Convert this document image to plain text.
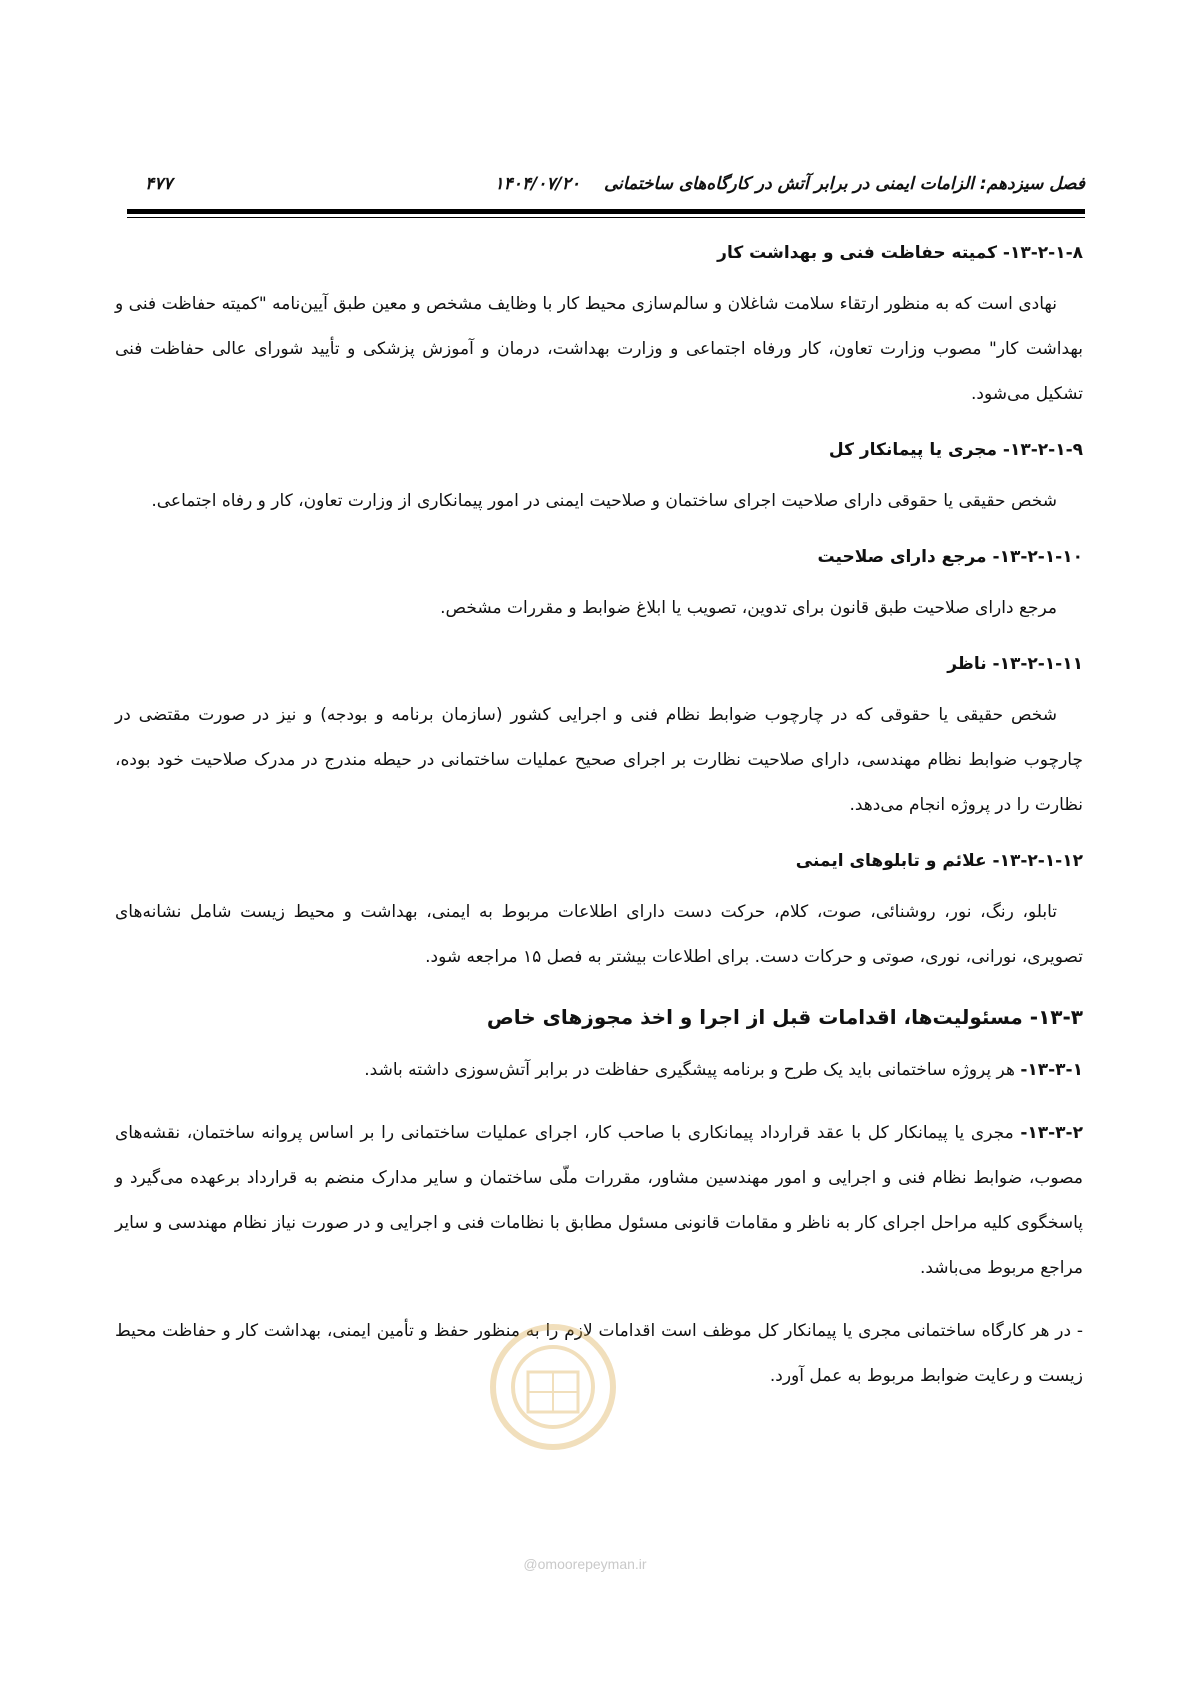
فصل سیزدهم: الزامات ایمنی در برابر آتش در کارگاه‌های ساختمانی
۱۴۰۴/۰۷/۲۰
۴۷۷
۱۳-۲-۱-۸- کمیته حفاظت فنی و بهداشت کار

نهادی است که به منظور ارتقاء سلامت شاغلان و سالم‌سازی محیط کار با وظایف مشخص و معین طبق آیین‌نامه "کمیته حفاظت فنی و بهداشت کار" مصوب وزارت تعاون، کار ورفاه اجتماعی و وزارت بهداشت، درمان و آموزش پزشکی و تأیید شورای عالی حفاظت فنی تشکیل می‌شود.

۱۳-۲-۱-۹- مجری یا پیمانکار کل

شخص حقیقی یا حقوقی دارای صلاحیت اجرای ساختمان و صلاحیت ایمنی در امور پیمانکاری از وزارت تعاون، کار و رفاه اجتماعی.

۱۳-۲-۱-۱۰- مرجع دارای صلاحیت

مرجع دارای صلاحیت طبق قانون برای تدوین، تصویب یا ابلاغ ضوابط و مقررات مشخص.

۱۳-۲-۱-۱۱- ناظر

شخص حقیقی یا حقوقی که در چارچوب ضوابط نظام فنی و اجرایی کشور (سازمان برنامه و بودجه) و نیز در صورت مقتضی در چارچوب ضوابط نظام مهندسی، دارای صلاحیت نظارت بر اجرای صحیح عملیات ساختمانی در حیطه مندرج در مدرک صلاحیت خود بوده، نظارت را در پروژه انجام می‌دهد.

۱۳-۲-۱-۱۲- علائم و تابلوهای ایمنی

تابلو، رنگ، نور، روشنائی، صوت، کلام، حرکت دست دارای اطلاعات مربوط به ایمنی، بهداشت و محیط زیست شامل نشانه‌های تصویری، نورانی، نوری، صوتی و حرکات دست. برای اطلاعات بیشتر به فصل ۱۵ مراجعه شود.

۱۳-۳- مسئولیت‌ها، اقدامات قبل از اجرا و اخذ مجوزهای خاص

۱۳-۳-۱- هر پروژه ساختمانی باید یک طرح و برنامه پیشگیری حفاظت در برابر آتش‌سوزی داشته باشد.

۱۳-۳-۲- مجری یا پیمانکار کل با عقد قرارداد پیمانکاری با صاحب کار، اجرای عملیات ساختمانی را بر اساس پروانه ساختمان، نقشه‌های مصوب، ضوابط نظام فنی و اجرایی و امور مهندسین مشاور، مقررات ملّی ساختمان و سایر مدارک منضم به قرارداد برعهده می‌گیرد و پاسخگوی کلیه مراحل اجرای کار به ناظر و مقامات قانونی مسئول مطابق با نظامات فنی و اجرایی و در صورت نیاز نظام مهندسی و سایر مراجع مربوط می‌باشد.

- در هر کارگاه ساختمانی مجری یا پیمانکار کل موظف است اقدامات لازم را به منظور حفظ و تأمین ایمنی، بهداشت کار و حفاظت محیط زیست و رعایت ضوابط مربوط به عمل آورد.

@omoorepeyman.ir
